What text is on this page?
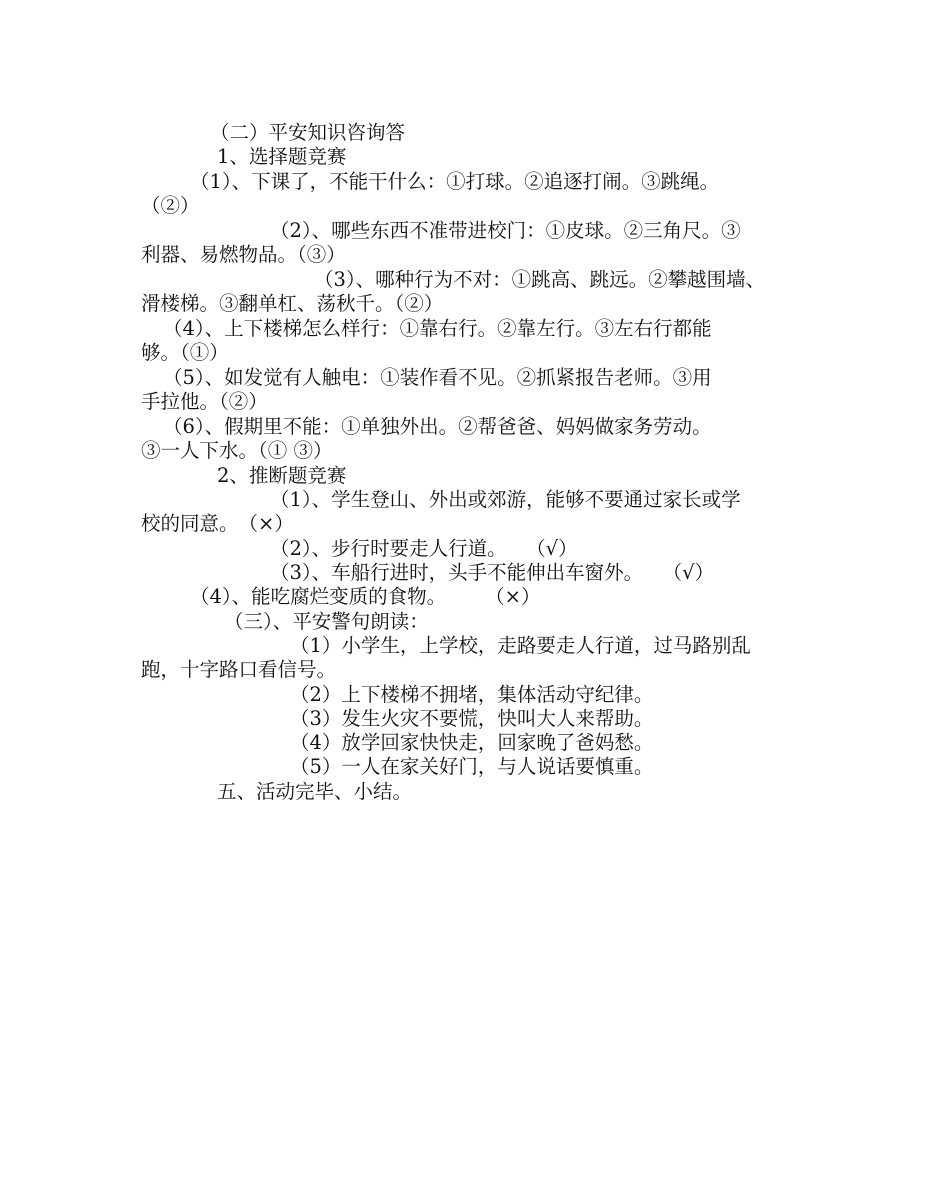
（二）平安知识咨询答
1、选择题竞赛
（1）、下课了，不能干什么：①打球。②追逐打闹。③跳绳。
（②）
（2）、哪些东西不准带进校门：①皮球。②三角尺。③
利器、易燃物品。（③）
（3）、哪种行为不对：①跳高、跳远。②攀越围墙、
滑楼梯。③翻单杠、荡秋千。（②）
（4）、上下楼梯怎么样行：①靠右行。②靠左行。③左右行都能
够。（①）
（5）、如发觉有人触电：①装作看不见。②抓紧报告老师。③用
手拉他。（②）
（6）、假期里不能：①单独外出。②帮爸爸、妈妈做家务劳动。
③一人下水。（① ③）
2、推断题竞赛
（1）、学生登山、外出或郊游，能够不要通过家长或学
校的同意。　（×）
（2）、步行时要走人行道。　　（√）
（3）、车船行进时，头手不能伸出车窗外。　　（√）
（4）、能吃腐烂变质的食物。　　　（×）
（三）、平安警句朗读：
（1）小学生，上学校，走路要走人行道，过马路别乱
跑，十字路口看信号。
（2）上下楼梯不拥堵，集体活动守纪律。
（3）发生火灾不要慌，快叫大人来帮助。
（4）放学回家快快走，回家晚了爸妈愁。
（5）一人在家关好门，与人说话要慎重。
五、活动完毕、小结。
